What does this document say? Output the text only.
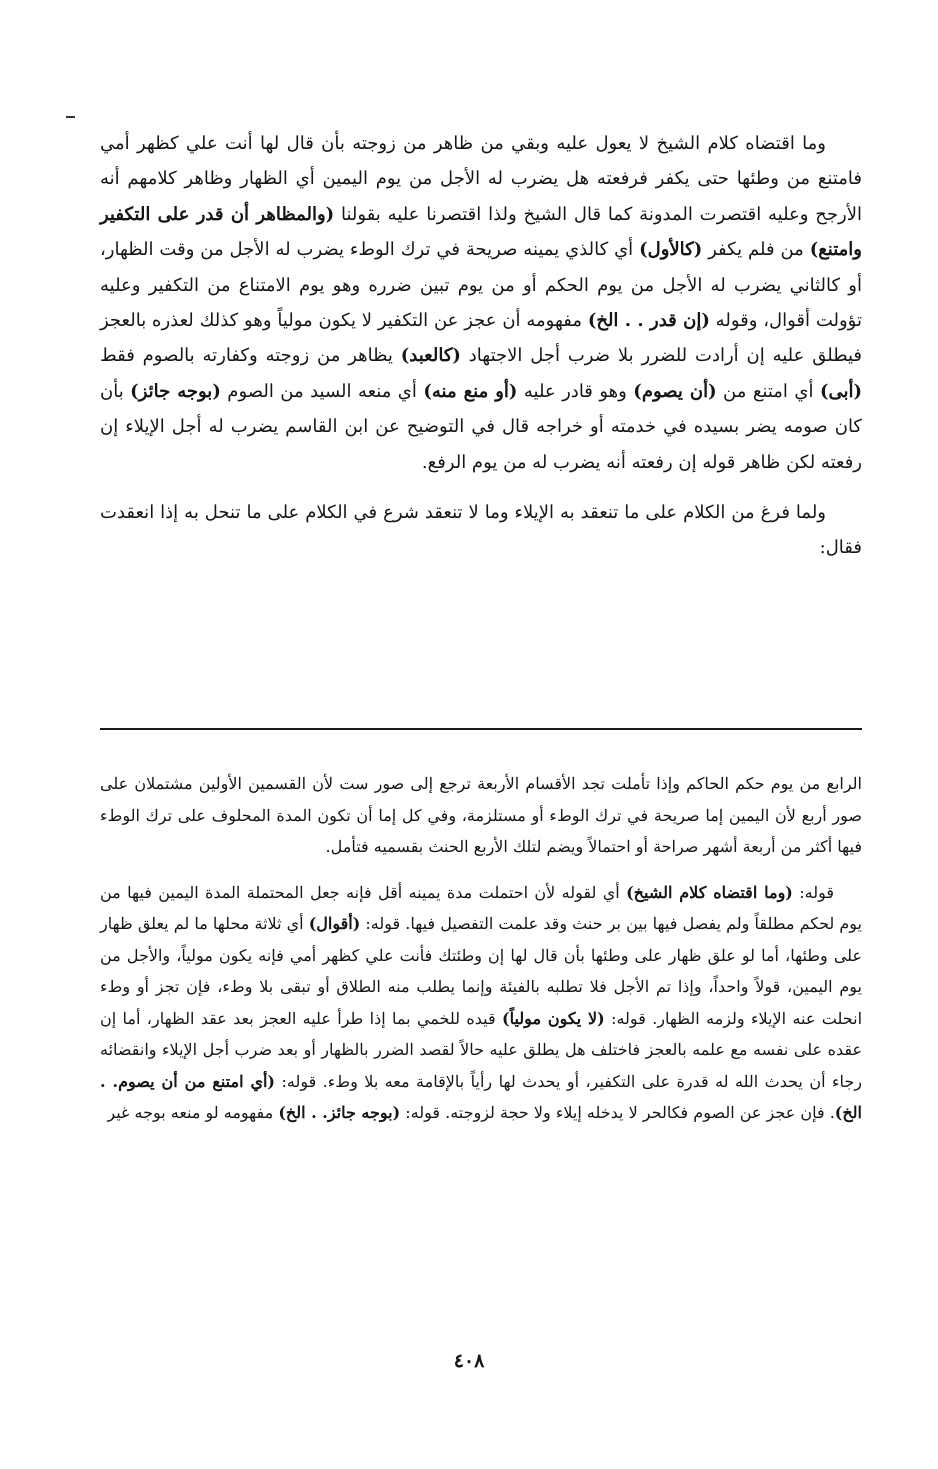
وما اقتضاه كلام الشيخ لا يعول عليه وبقي من ظاهر من زوجته بأن قال لها أنت علي كظهر أمي فامتنع من وطئها حتى يكفر فرفعته هل يضرب له الأجل من يوم اليمين أي الظهار وظاهر كلامهم أنه الأرجح وعليه اقتصرت المدونة كما قال الشيخ ولذا اقتصرنا عليه بقولنا (والمظاهر أن قدر على التكفير وامتنع) من فلم يكفر (كالأول) أي كالذي يمينه صريحة في ترك الوطء يضرب له الأجل من وقت الظهار، أو كالثاني يضرب له الأجل من يوم الحكم أو من يوم تبين ضرره وهو يوم الامتناع من التكفير وعليه تؤولت أقوال، وقوله (إن قدر . . الخ) مفهومه أن عجز عن التكفير لا يكون مولياً وهو كذلك لعذره بالعجز فيطلق عليه إن أرادت للضرر بلا ضرب أجل الاجتهاد (كالعبد) يظاهر من زوجته وكفارته بالصوم فقط (أبى) أي امتنع من (أن يصوم) وهو قادر عليه (أو منع منه) أي منعه السيد من الصوم (بوجه جائز) بأن كان صومه يضر بسيده في خدمته أو خراجه قال في التوضيح عن ابن القاسم يضرب له أجل الإيلاء إن رفعته لكن ظاهر قوله إن رفعته أنه يضرب له من يوم الرفع.

ولما فرغ من الكلام على ما تنعقد به الإيلاء وما لا تنعقد شرع في الكلام على ما تنحل به إذا انعقدت فقال:

الرابع من يوم حكم الحاكم وإذا تأملت تجد الأقسام الأربعة ترجع إلى صور ست لأن القسمين الأولين مشتملان على صور أربع لأن اليمين إما صريحة في ترك الوطء أو مستلزمة، وفي كل إما أن تكون المدة المحلوف على ترك الوطء فيها أكثر من أربعة أشهر صراحة أو احتمالاً ويضم لتلك الأربع الحنث بقسميه فتأمل.

قوله: (وما اقتضاه كلام الشيخ) أي لقوله لأن احتملت مدة يمينه أقل فإنه جعل المحتملة المدة اليمين فيها من يوم لحكم مطلقاً ولم يفصل فيها بين بر حنث وقد علمت التفصيل فيها. قوله: (أقوال) أي ثلاثة محلها ما لم يعلق ظهار على وطئها، أما لو علق ظهار على وطئها بأن قال لها إن وطئتك فأنت علي كظهر أمي فإنه يكون مولياً، والأجل من يوم اليمين، قولاً واحداً، وإذا تم الأجل فلا تطلبه بالفيئة وإنما يطلب منه الطلاق أو تبقى بلا وطء، فإن تجز أو وطء انحلت عنه الإيلاء ولزمه الظهار. قوله: (لا يكون مولياً) قيده للخمي بما إذا طرأ عليه العجز بعد عقد الظهار، أما إن عقده على نفسه مع علمه بالعجز فاختلف هل يطلق عليه حالاً لقصد الضرر بالظهار أو بعد ضرب أجل الإيلاء وانقضائه رجاء أن يحدث الله له قدرة على التكفير، أو يحدث لها رأياً بالإقامة معه بلا وطء. قوله: (أي امتنع من أن يصوم. . الخ). فإن عجز عن الصوم فكالحر لا يدخله إيلاء ولا حجة لزوجته. قوله: (بوجه جائز. . الخ) مفهومه لو منعه بوجه غير

٤٠٨
